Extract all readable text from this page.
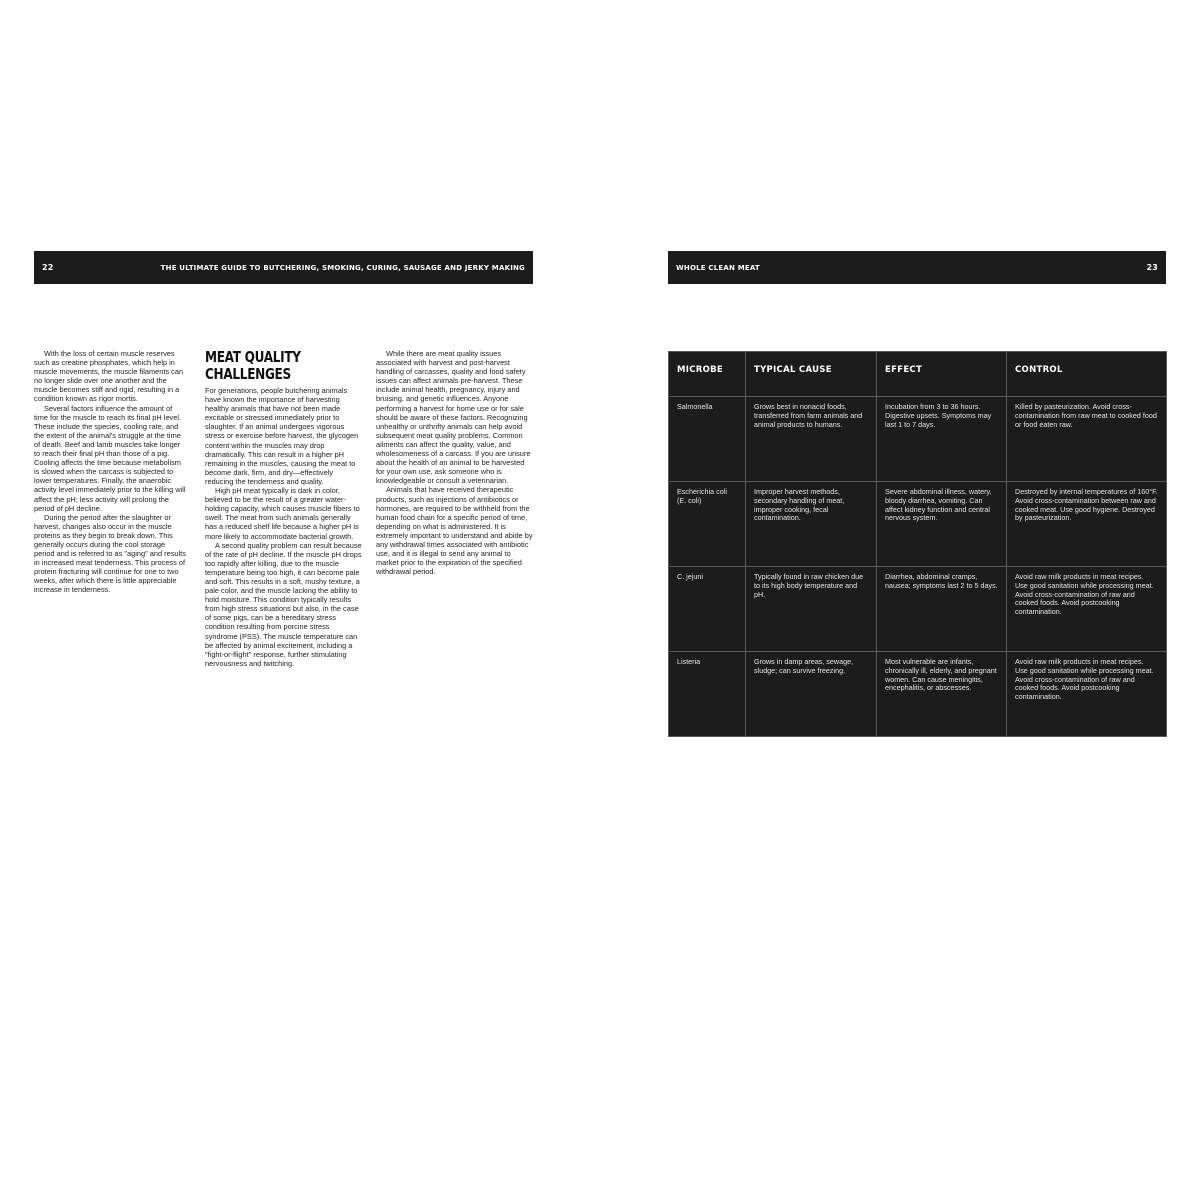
22	THE ULTIMATE GUIDE TO BUTCHERING, SMOKING, CURING, SAUSAGE AND JERKY MAKING

With the loss of certain muscle reserves such as creatine phosphates, which help in muscle movements, the muscle filaments can no longer slide over one another and the muscle becomes stiff and rigid, resulting in a condition known as rigor mortis.

Several factors influence the amount of time for the muscle to reach its final pH level. These include the species, cooling rate, and the extent of the animal's struggle at the time of death. Beef and lamb muscles take longer to reach their final pH than those of a pig. Cooling affects the time because metabolism is slowed when the carcass is subjected to lower temperatures. Finally, the anaerobic activity level immediately prior to the killing will affect the pH; less activity will prolong the period of pH decline.

During the period after the slaughter or harvest, changes also occur in the muscle proteins as they begin to break down. This generally occurs during the cool storage period and is referred to as "aging" and results in increased meat tenderness. This process of protein fracturing will continue for one to two weeks, after which there is little appreciable increase in tenderness.

MEAT QUALITY CHALLENGES

For generations, people butchering animals have known the importance of harvesting healthy animals that have not been made excitable or stressed immediately prior to slaughter. If an animal undergoes vigorous stress or exercise before harvest, the glycogen content within the muscles may drop dramatically. This can result in a higher pH remaining in the muscles, causing the meat to become dark, firm, and dry—effectively reducing the tenderness and quality.

High pH meat typically is dark in color, believed to be the result of a greater water-holding capacity, which causes muscle fibers to swell. The meat from such animals generally has a reduced shelf life because a higher pH is more likely to accommodate bacterial growth.

A second quality problem can result because of the rate of pH decline. If the muscle pH drops too rapidly after killing, due to the muscle temperature being too high, it can become pale and soft. This results in a soft, mushy texture, a pale color, and the muscle lacking the ability to hold moisture. This condition typically results from high stress situations but also, in the case of some pigs, can be a hereditary stress condition resulting from porcine stress syndrome (PSS). The muscle temperature can be affected by animal excitement, including a "fight-or-flight" response, further stimulating nervousness and twitching.

While there are meat quality issues associated with harvest and post-harvest handling of carcasses, quality and food safety issues can affect animals pre-harvest. These include animal health, pregnancy, injury and bruising, and genetic influences. Anyone performing a harvest for home use or for sale should be aware of these factors. Recognizing unhealthy or unthrifty animals can help avoid subsequent meat quality problems. Common ailments can affect the quality, value, and wholesomeness of a carcass. If you are unsure about the health of an animal to be harvested for your own use, ask someone who is knowledgeable or consult a veterinarian.

Animals that have received therapeutic products, such as injections of antibiotics or hormones, are required to be withheld from the human food chain for a specific period of time, depending on what is administered. It is extremely important to understand and abide by any withdrawal times associated with antibiotic use, and it is illegal to send any animal to market prior to the expiration of the specified withdrawal period.

WHOLE CLEAN MEAT	23
MICROBE	TYPICAL CAUSE	EFFECT	CONTROL
Salmonella	Grows best in nonacid foods, transferred from farm animals and animal products to humans.	Incubation from 3 to 36 hours. Digestive upsets. Symptoms may last 1 to 7 days.	Killed by pasteurization. Avoid cross-contamination from raw meat to cooked food or food eaten raw.
Escherichia coli (E. coli)	Improper harvest methods, secondary handling of meat, improper cooking, fecal contamination.	Severe abdominal illness, watery, bloody diarrhea, vomiting. Can affect kidney function and central nervous system.	Destroyed by internal temperatures of 160°F. Avoid cross-contamination between raw and cooked meat. Use good hygiene. Destroyed by pasteurization.
C. jejuni	Typically found in raw chicken due to its high body temperature and pH.	Diarrhea, abdominal cramps, nausea; symptoms last 2 to 5 days.	Avoid raw milk products in meat recipes. Use good sanitation while processing meat. Avoid cross-contamination of raw and cooked foods. Avoid postcooking contamination.
Listeria	Grows in damp areas, sewage, sludge; can survive freezing.	Most vulnerable are infants, chronically ill, elderly, and pregnant women. Can cause meningitis, encephalitis, or abscesses.	Avoid raw milk products in meat recipes. Use good sanitation while processing meat. Avoid cross-contamination of raw and cooked foods. Avoid postcooking contamination.
